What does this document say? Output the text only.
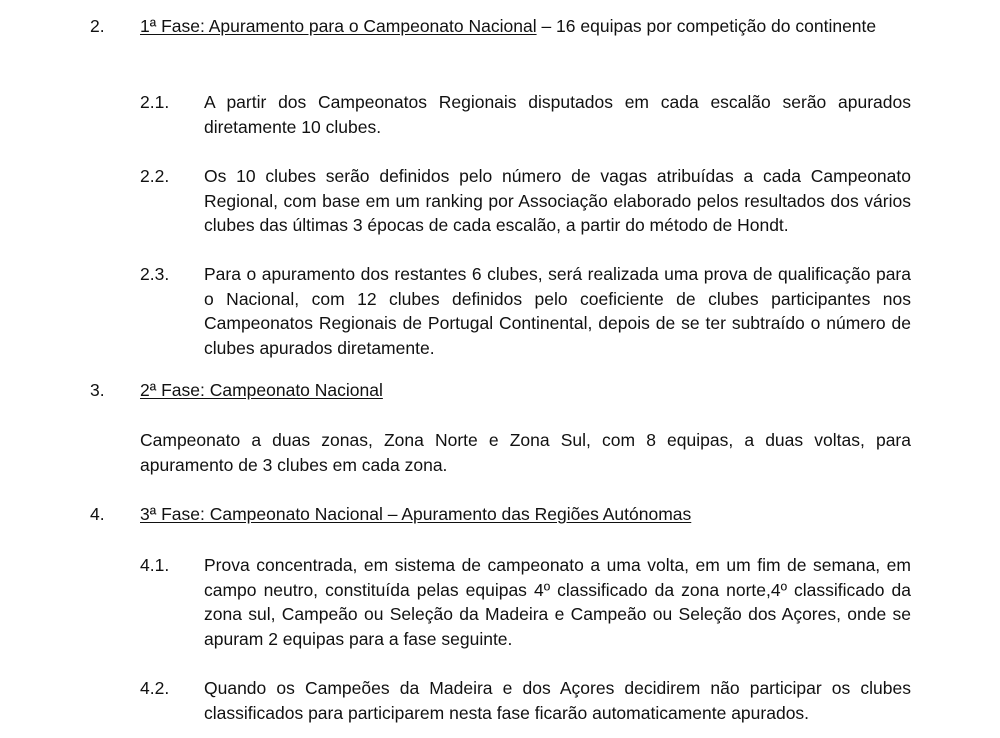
2. 1ª Fase: Apuramento para o Campeonato Nacional – 16 equipas por competição do continente
2.1. A partir dos Campeonatos Regionais disputados em cada escalão serão apurados diretamente 10 clubes.
2.2. Os 10 clubes serão definidos pelo número de vagas atribuídas a cada Campeonato Regional, com base em um ranking por Associação elaborado pelos resultados dos vários clubes das últimas 3 épocas de cada escalão, a partir do método de Hondt.
2.3. Para o apuramento dos restantes 6 clubes, será realizada uma prova de qualificação para o Nacional, com 12 clubes definidos pelo coeficiente de clubes participantes nos Campeonatos Regionais de Portugal Continental, depois de se ter subtraído o número de clubes apurados diretamente.
3. 2ª Fase: Campeonato Nacional
Campeonato a duas zonas, Zona Norte e Zona Sul, com 8 equipas, a duas voltas, para apuramento de 3 clubes em cada zona.
4. 3ª Fase: Campeonato Nacional – Apuramento das Regiões Autónomas
4.1. Prova concentrada, em sistema de campeonato a uma volta, em um fim de semana, em campo neutro, constituída pelas equipas 4º classificado da zona norte,4º classificado da zona sul, Campeão ou Seleção da Madeira e Campeão ou Seleção dos Açores, onde se apuram 2 equipas para a fase seguinte.
4.2. Quando os Campeões da Madeira e dos Açores decidirem não participar os clubes classificados para participarem nesta fase ficarão automaticamente apurados.
